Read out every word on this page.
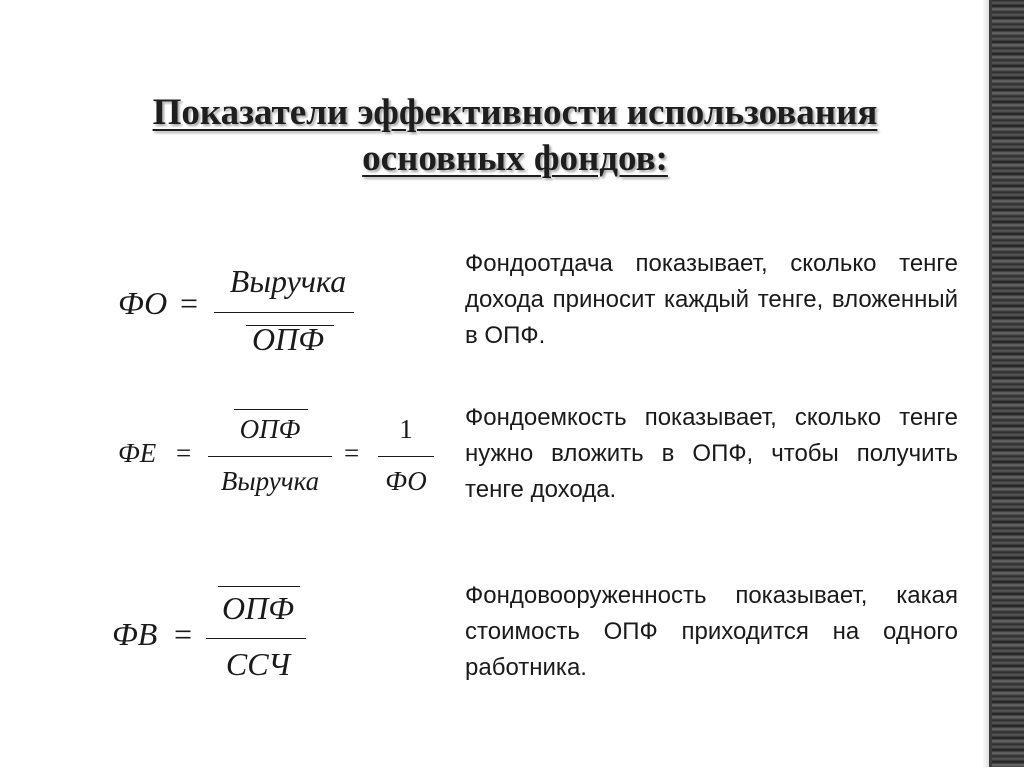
Показатели эффективности использования
основных фондов:
ФО =
Выручка
ОПФ
ФЕ =
ОПФ
Выручка
=
1
ФО
ФВ =
ОПФ
ССЧ

Фондоотдача показывает, сколько тенге дохода приносит каждый тенге, вложенный в ОПФ.

Фондоемкость показывает, сколько тенге нужно вложить в ОПФ, чтобы получить тенге дохода.

Фондовооруженность показывает, какая стоимость ОПФ приходится на одного работника.
